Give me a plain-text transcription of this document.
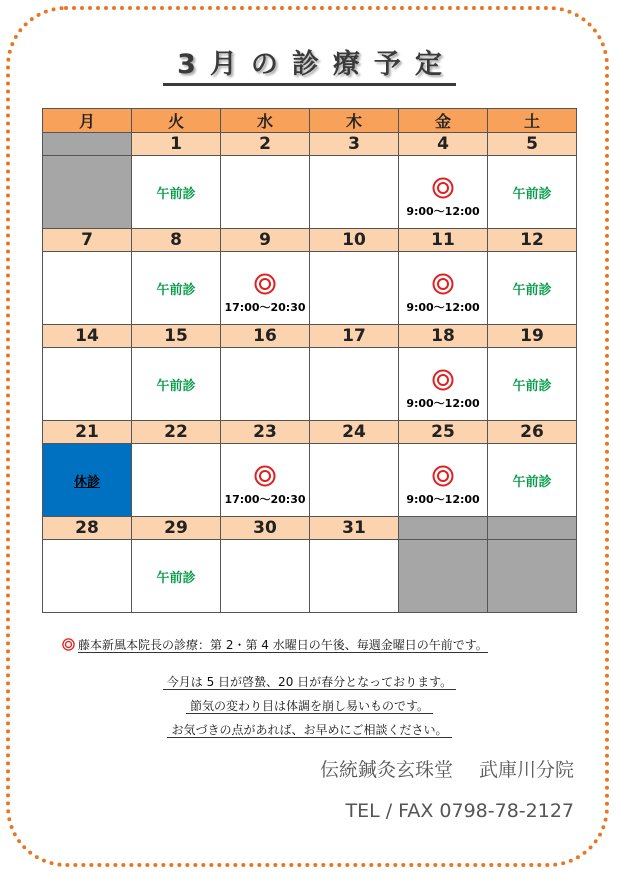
3月の診療予定
月	火	水	木	金	土
	1	2	3	4	5
	午前診			9:00～12:00	午前診
7	8	9	10	11	12
	午前診	17:00～20:30		9:00～12:00	午前診
14	15	16	17	18	19
	午前診			9:00～12:00	午前診
21	22	23	24	25	26
休診		17:00～20:30		9:00～12:00	午前診
28	29	30	31		
	午前診				
藤本新風本院長の診療：第 2・第 4 水曜日の午後、毎週金曜日の午前です。
今月は 5 日が啓蟄、20 日が春分となっております。
節気の変わり目は体調を崩し易いものです。
お気づきの点があれば、お早めにご相談ください。
伝統鍼灸玄珠堂 武庫川分院
TEL / FAX 0798-78-2127
